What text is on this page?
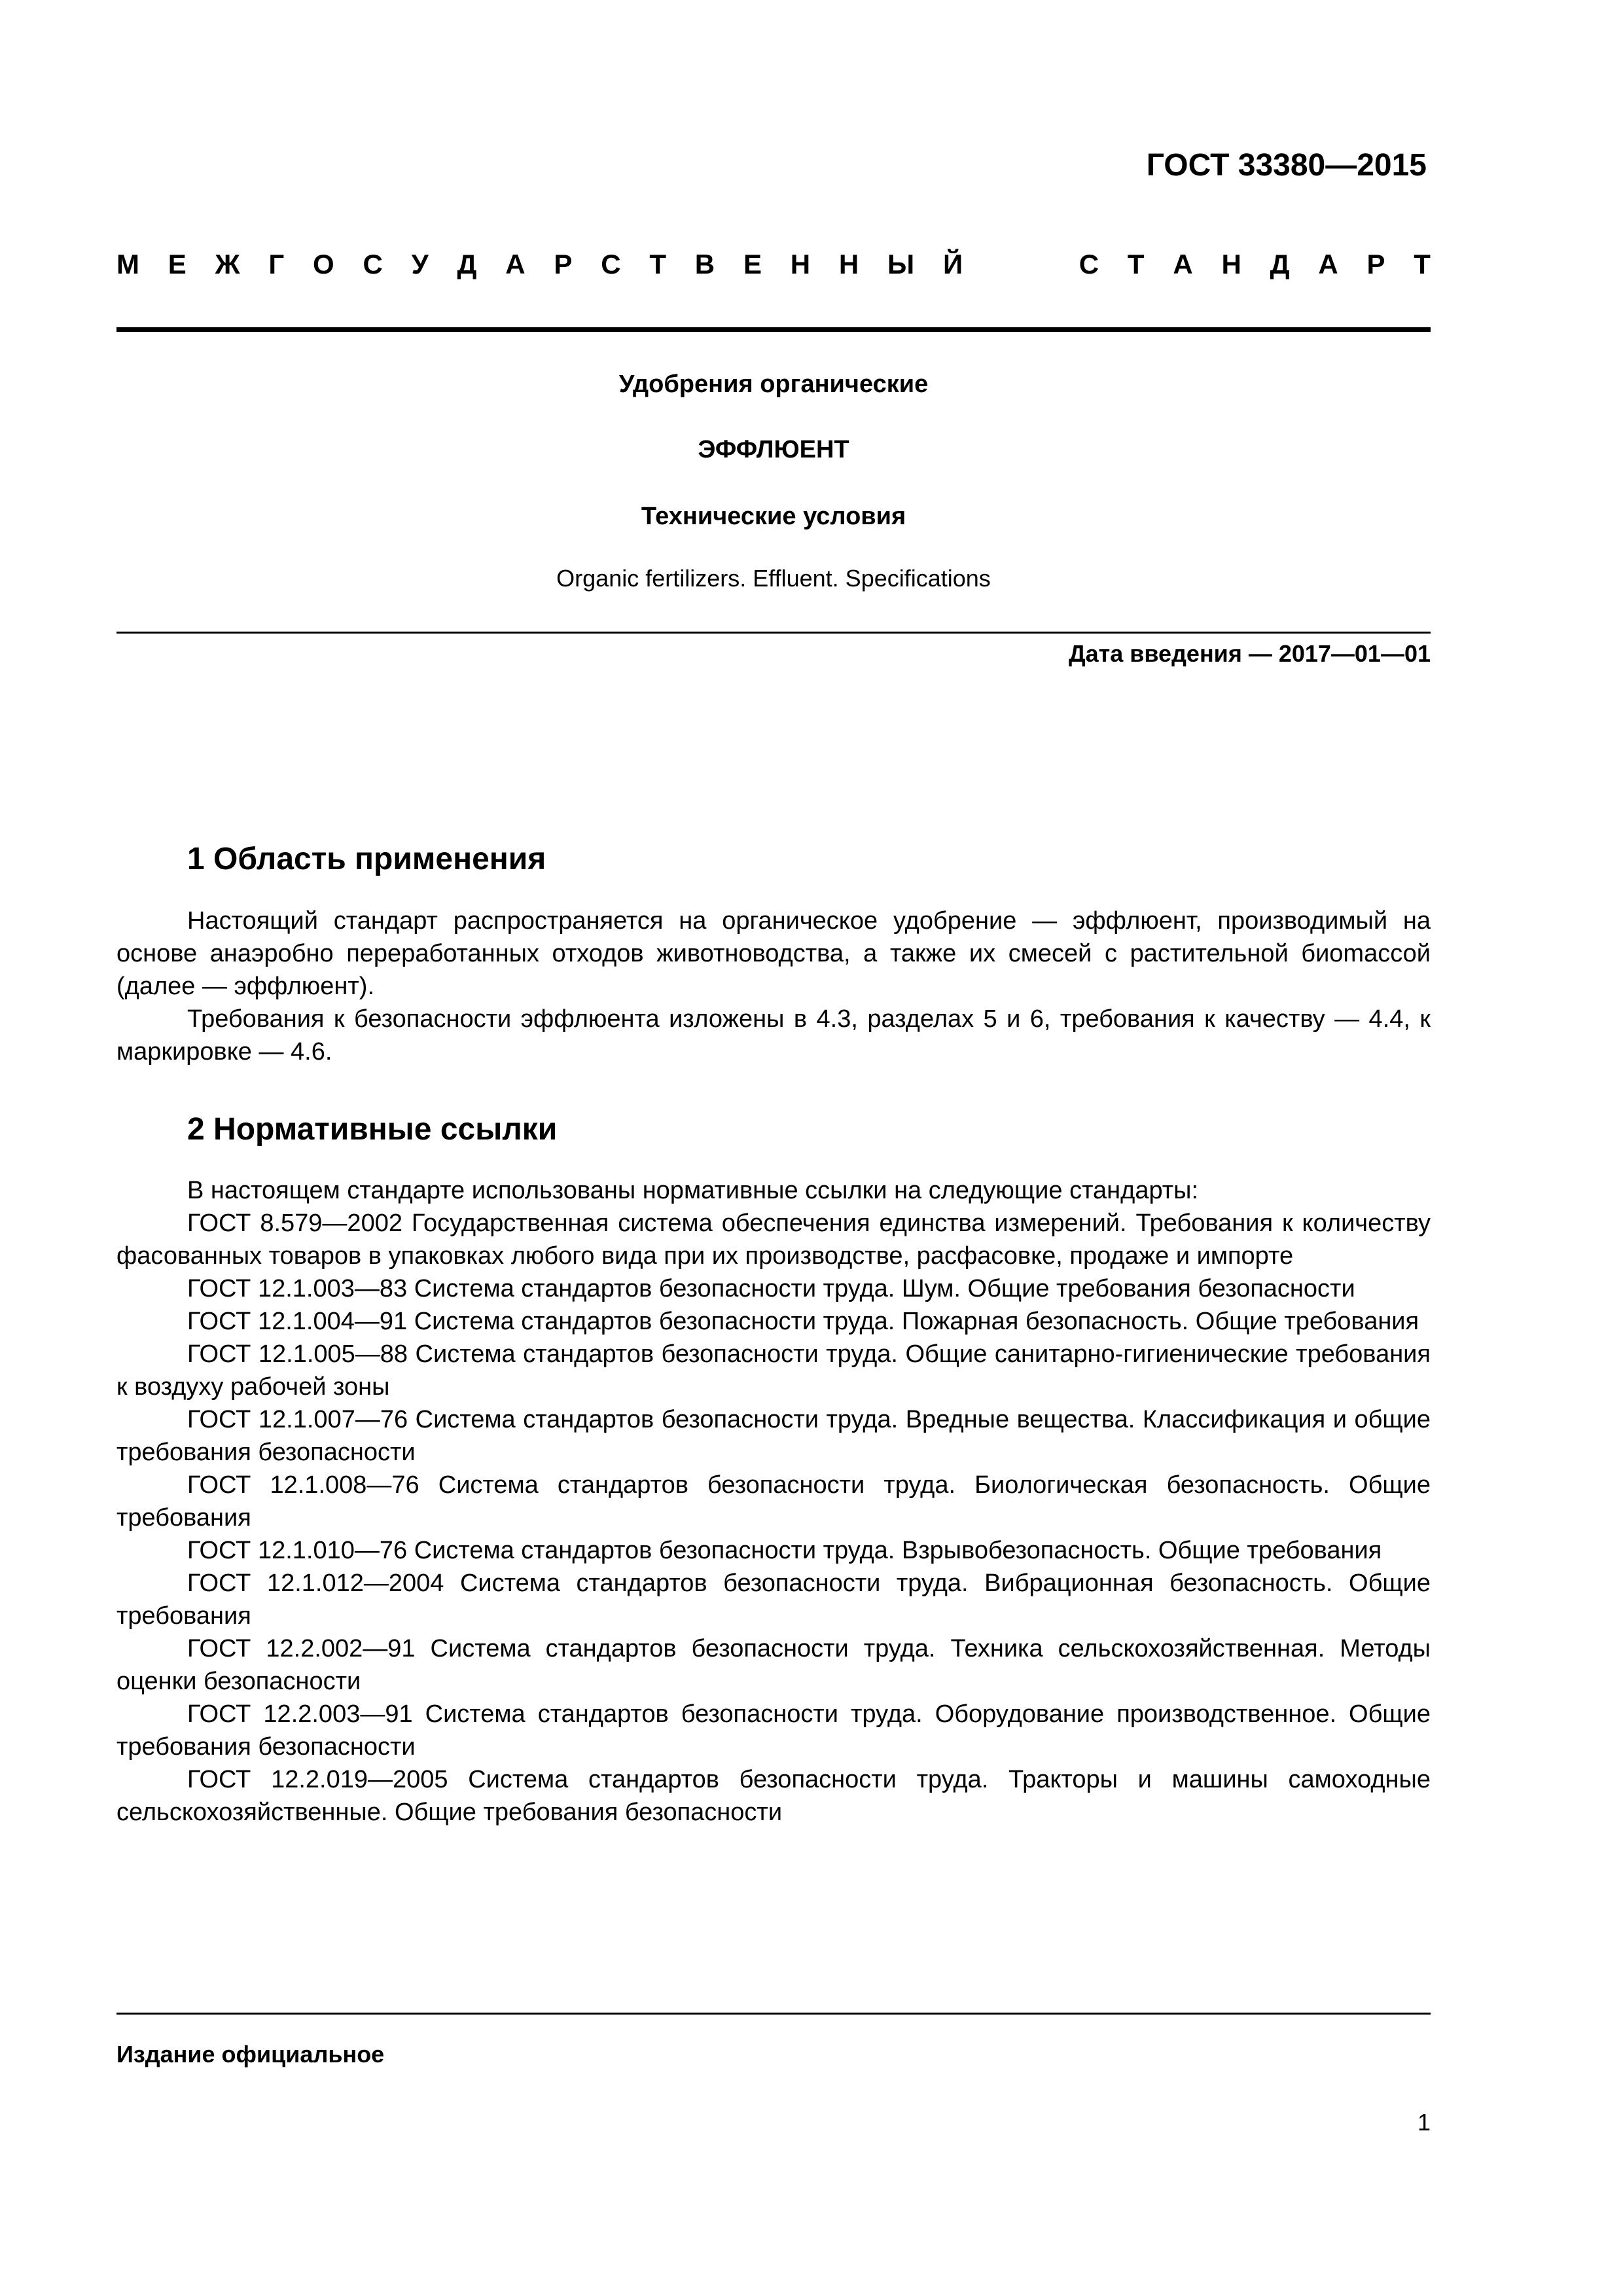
ГОСТ 33380—2015
М Е Ж Г О С У Д А Р С Т В Е Н Н Ы Й	С Т А Н Д А Р Т
Удобрения органические
ЭФФЛЮЕНТ
Технические условия
Organic fertilizers. Effluent. Specifications
Дата введения — 2017—01—01
1 Область применения

Настоящий стандарт распространяется на органическое удобрение — эффлюент, производимый на основе анаэробно переработанных отходов животноводства, а также их смесей с растительной биоmассой (далее — эффлюент).

Требования к безопасности эффлюента изложены в 4.3, разделах 5 и 6, требования к качеству — 4.4, к маркировке — 4.6.

2 Нормативные ссылки

В настоящем стандарте использованы нормативные ссылки на следующие стандарты:

ГОСТ 8.579—2002 Государственная система обеспечения единства измерений. Требования к количеству фасованных товаров в упаковках любого вида при их производстве, расфасовке, продаже и импорте

ГОСТ 12.1.003—83 Система стандартов безопасности труда. Шум. Общие требования безопасности

ГОСТ 12.1.004—91 Система стандартов безопасности труда. Пожарная безопасность. Общие требования

ГОСТ 12.1.005—88 Система стандартов безопасности труда. Общие санитарно-гигиенические требования к воздуху рабочей зоны

ГОСТ 12.1.007—76 Система стандартов безопасности труда. Вредные вещества. Классификация и общие требования безопасности

ГОСТ 12.1.008—76 Система стандартов безопасности труда. Биологическая безопасность. Общие требования

ГОСТ 12.1.010—76 Система стандартов безопасности труда. Взрывобезопасность. Общие требования

ГОСТ 12.1.012—2004 Система стандартов безопасности труда. Вибрационная безопасность. Общие требования

ГОСТ 12.2.002—91 Система стандартов безопасности труда. Техника сельскохозяйственная. Методы оценки безопасности

ГОСТ 12.2.003—91 Система стандартов безопасности труда. Оборудование производственное. Общие требования безопасности

ГОСТ 12.2.019—2005 Система стандартов безопасности труда. Тракторы и машины самоходные сельскохозяйственные. Общие требования безопасности

Издание официальное
1
